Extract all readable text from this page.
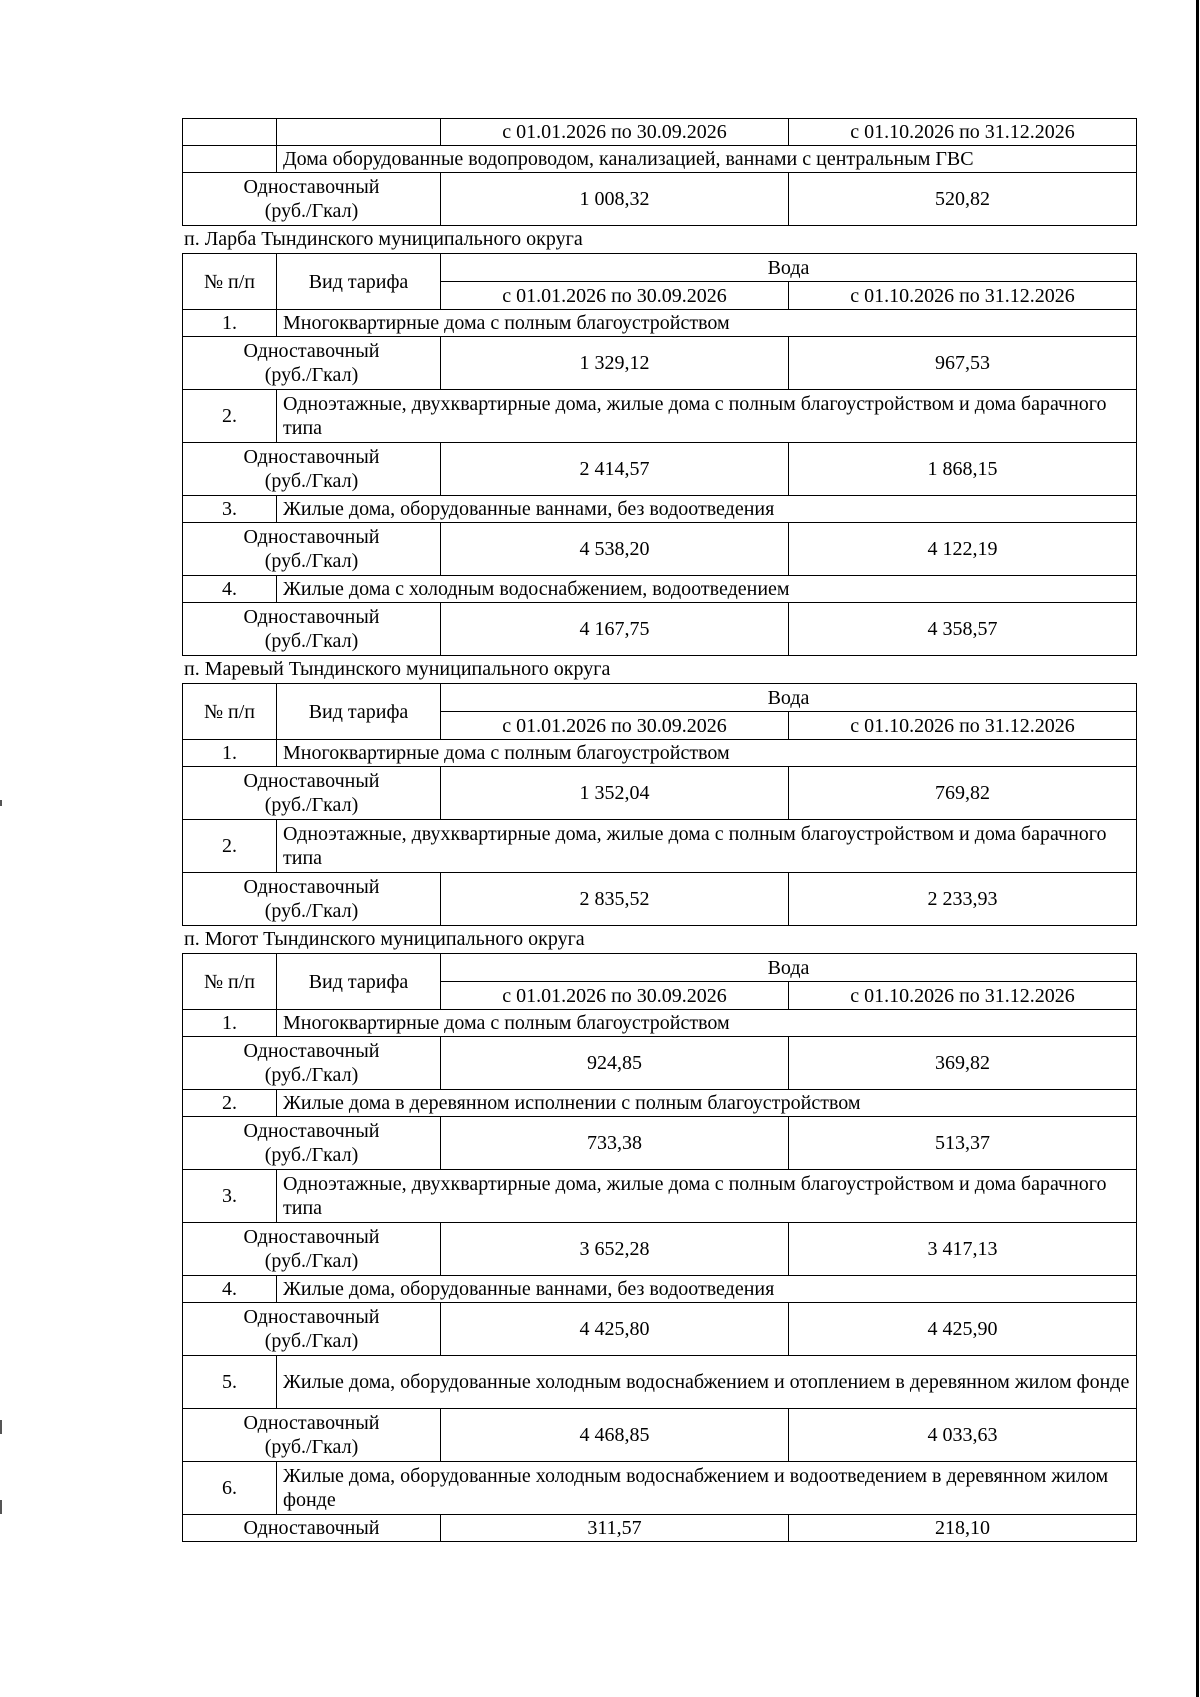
		с 01.01.2026 по 30.09.2026	с 01.10.2026 по 31.12.2026
	Дома оборудованные водопроводом, канализацией, ваннами с центральным ГВС		
Одноставочный
(руб./Гкал)		1 008,32	520,82
п. Ларба Тындинского муниципального округа
№ п/п	Вид тарифа	Вода	
		с 01.01.2026 по 30.09.2026	с 01.10.2026 по 31.12.2026
1.	Многоквартирные дома с полным благоустройством		
Одноставочный
(руб./Гкал)		1 329,12	967,53
2.	Одноэтажные, двухквартирные дома, жилые дома с полным благоустройством и дома барачного типа		
Одноставочный
(руб./Гкал)		2 414,57	1 868,15
3.	Жилые дома, оборудованные ваннами, без водоотведения		
Одноставочный
(руб./Гкал)		4 538,20	4 122,19
4.	Жилые дома с холодным водоснабжением, водоотведением		
Одноставочный
(руб./Гкал)		4 167,75	4 358,57
п. Маревый Тындинского муниципального округа
№ п/п	Вид тарифа	Вода	
		с 01.01.2026 по 30.09.2026	с 01.10.2026 по 31.12.2026
1.	Многоквартирные дома с полным благоустройством		
Одноставочный
(руб./Гкал)		1 352,04	769,82
2.	Одноэтажные, двухквартирные дома, жилые дома с полным благоустройством и дома барачного типа		
Одноставочный
(руб./Гкал)		2 835,52	2 233,93
п. Могот Тындинского муниципального округа
№ п/п	Вид тарифа	Вода	
		с 01.01.2026 по 30.09.2026	с 01.10.2026 по 31.12.2026
1.	Многоквартирные дома с полным благоустройством		
Одноставочный
(руб./Гкал)		924,85	369,82
2.	Жилые дома в деревянном исполнении с полным благоустройством		
Одноставочный
(руб./Гкал)		733,38	513,37
3.	Одноэтажные, двухквартирные дома, жилые дома с полным благоустройством и дома барачного типа		
Одноставочный
(руб./Гкал)		3 652,28	3 417,13
4.	Жилые дома, оборудованные ваннами, без водоотведения		
Одноставочный
(руб./Гкал)		4 425,80	4 425,90
5.	Жилые дома, оборудованные холодным водоснабжением и отоплением в деревянном жилом фонде		
Одноставочный
(руб./Гкал)		4 468,85	4 033,63
6.	Жилые дома, оборудованные холодным водоснабжением и водоотведением в деревянном жилом фонде		
Одноставочный		311,57	218,10
